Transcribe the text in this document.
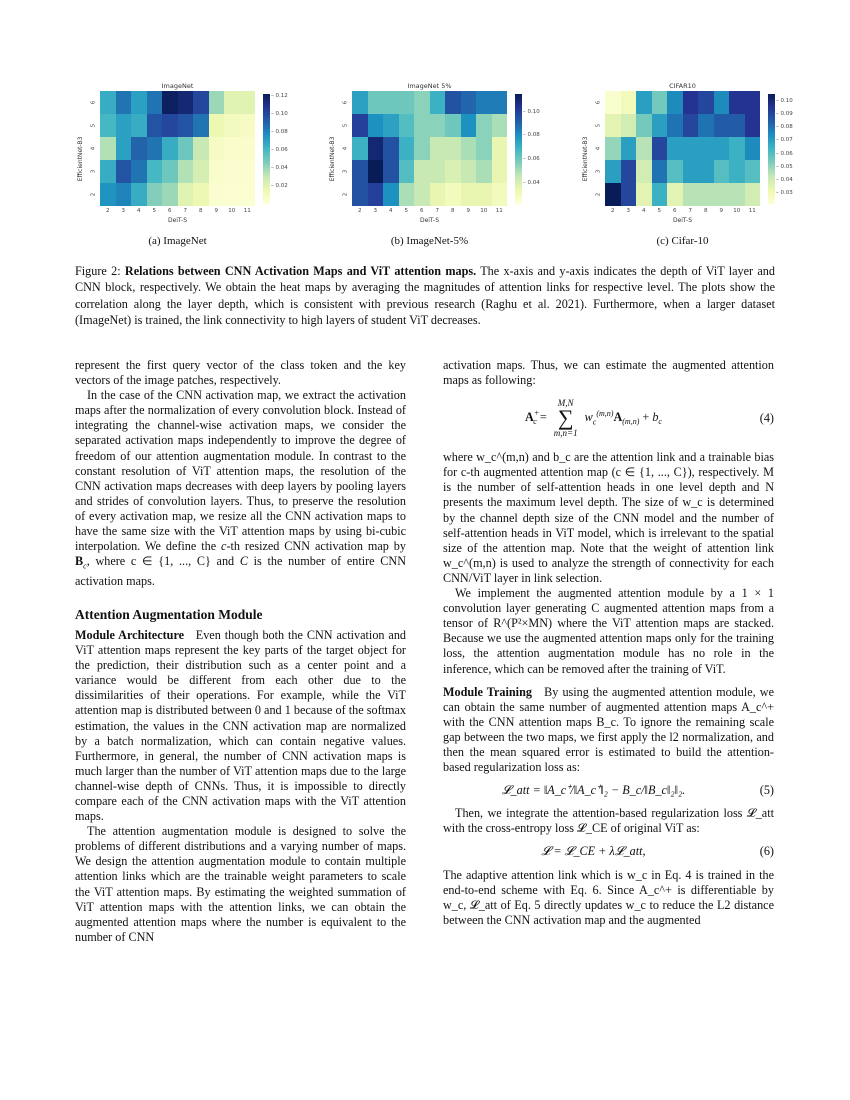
ImageNet
6
5
4
3
2
2	3	4	5	6	7	8	9	10	11
DeiT-S
EfficientNet-B3
– 0.12
– 0.10
– 0.08
– 0.06
– 0.04
– 0.02
(a) ImageNet
ImageNet 5%
6
5
4
3
2
2	3	4	5	6	7	8	9	10	11
DeiT-S
EfficientNet-B3
– 0.10
– 0.08
– 0.06
– 0.04
(b) ImageNet-5%
CIFAR10
6
5
4
3
2
2	3	4	5	6	7	8	9	10	11
DeiT-S
EfficientNet-B3
– 0.10
– 0.09
– 0.08
– 0.07
– 0.06
– 0.05
– 0.04
– 0.03
(c) Cifar-10
Figure 2: Relations between CNN Activation Maps and ViT attention maps. The x-axis and y-axis indicates the depth of ViT layer and CNN block, respectively. We obtain the heat maps by averaging the magnitudes of attention links for respective level. The plots show the correlation along the layer depth, which is consistent with previous research (Raghu et al. 2021). Furthermore, when a larger dataset (ImageNet) is trained, the link connectivity to high layers of student ViT decreases.

represent the first query vector of the class token and the key vectors of the image patches, respectively.

In the case of the CNN activation map, we extract the activation maps after the normalization of every convolution block. Instead of integrating the channel-wise activation maps, we consider the separated activation maps independently to improve the degree of freedom of our attention augmentation module. In contrast to the constant resolution of ViT attention maps, the resolution of the CNN activation maps decreases with deep layers by pooling layers and strides of convolution layers. Thus, to preserve the resolution of every activation map, we resize all the CNN activation maps to have the same size with the ViT attention maps by using bi-cubic interpolation. We define the c-th resized CNN activation map by $B_c$, where c ∈ {1, ..., C} and C is the number of entire CNN activation maps.

Attention Augmentation Module

Module Architecture Even though both the CNN activation and ViT attention maps represent the key parts of the target object for the prediction, their distribution such as a center point and a variance would be different from each other due to the dissimilarities of their operations. For example, while the ViT attention map is distributed between 0 and 1 because of the softmax estimation, the values in the CNN activation map are normalized by a batch normalization, which can contain negative values. Furthermore, in general, the number of CNN activation maps is much larger than the number of ViT attention maps due to the large channel-wise depth of CNNs. Thus, it is impossible to directly compare each of the CNN activation maps with the ViT attention maps.

The attention augmentation module is designed to solve the problems of different distributions and a varying number of maps. We design the attention augmentation module to contain multiple attention links which are the trainable weight parameters to scale the ViT attention maps. By estimating the weighted summation of ViT attention maps with the attention links, we can obtain the augmented attention maps where the number is equivalent to the number of CNN

activation maps. Thus, we can estimate the augmented attention maps as following:

$A^+_c$ =
M,N
∑
m,n=1
$w_c^{(m,n)}A_{(m,n)} + b_c$	(4)

where w_c^(m,n) and b_c are the attention link and a trainable bias for c-th augmented attention map (c ∈ {1, ..., C}), respectively. M is the number of self-attention heads in one level depth and N presents the maximum level depth. The size of w_c is determined by the channel depth size of the CNN model and the number of self-attention heads in ViT model, which is irrelevant to the spatial size of the attention map. Note that the weight of attention link w_c^(m,n) is used to analyze the strength of connectivity for each CNN/ViT layer in link selection.

We implement the augmented attention module by a 1 × 1 convolution layer generating C augmented attention maps from a tensor of R^(P²×MN) where the ViT attention maps are stacked. Because we use the augmented attention maps only for the training loss, the attention augmentation module has no role in the inference, which can be removed after the training of ViT.

Module Training By using the augmented attention module, we can obtain the same number of augmented attention maps A_c^+ with the CNN attention maps B_c. To ignore the remaining scale gap between the two maps, we first apply the l2 normalization, and then the mean squared error is estimated to build the attention-based regularization loss as:

𝓛_att = ‖A_c⁺/‖A_c⁺‖₂ − B_c/‖B_c‖₂‖₂.	(5)

Then, we integrate the attention-based regularization loss 𝓛_att with the cross-entropy loss 𝓛_CE of original ViT as:

𝓛 = 𝓛_CE + λ𝓛_att,	(6)

The adaptive attention link which is w_c in Eq. 4 is trained in the end-to-end scheme with Eq. 6. Since A_c^+ is differentiable by w_c, 𝓛_att of Eq. 5 directly updates w_c to reduce the L2 distance between the CNN activation map and the augmented
